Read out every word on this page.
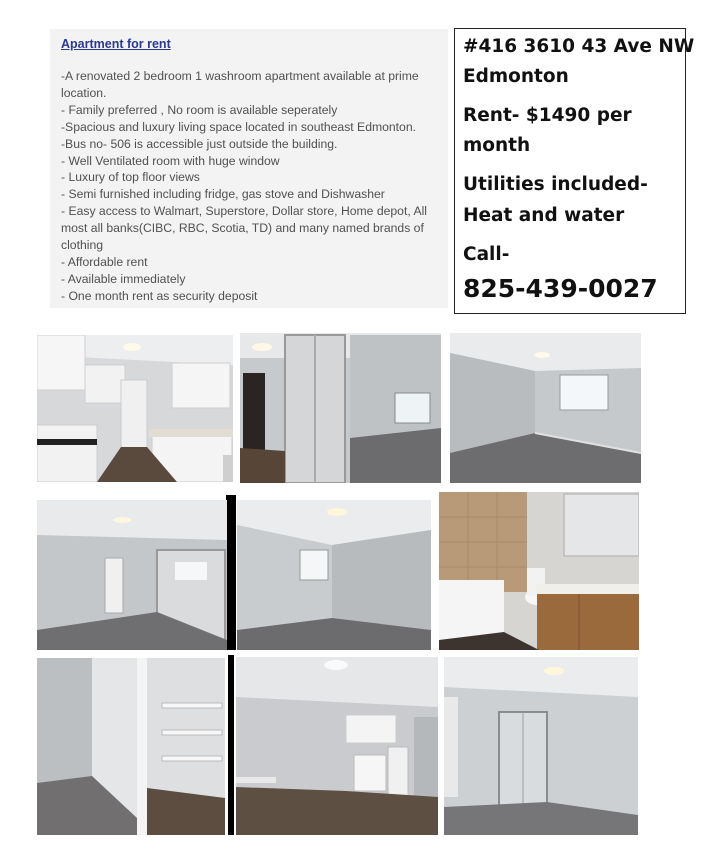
Apartment for rent
-A renovated 2 bedroom 1 washroom apartment available at prime location.
- Family preferred , No room is available seperately
-Spacious and luxury living space located in southeast Edmonton.
-Bus no- 506 is accessible just outside the building.
- Well Ventilated room with huge window
- Luxury of top floor views
- Semi furnished including fridge, gas stove and Dishwasher
- Easy access to Walmart, Superstore, Dollar store, Home depot, All most all banks(CIBC, RBC, Scotia, TD) and many named brands of clothing
- Affordable rent
- Available immediately
- One month rent as security deposit
#416 3610 43 Ave NW
Edmonton
Rent- $1490 per
month
Utilities included-
Heat and water
Call-
825-439-0027
